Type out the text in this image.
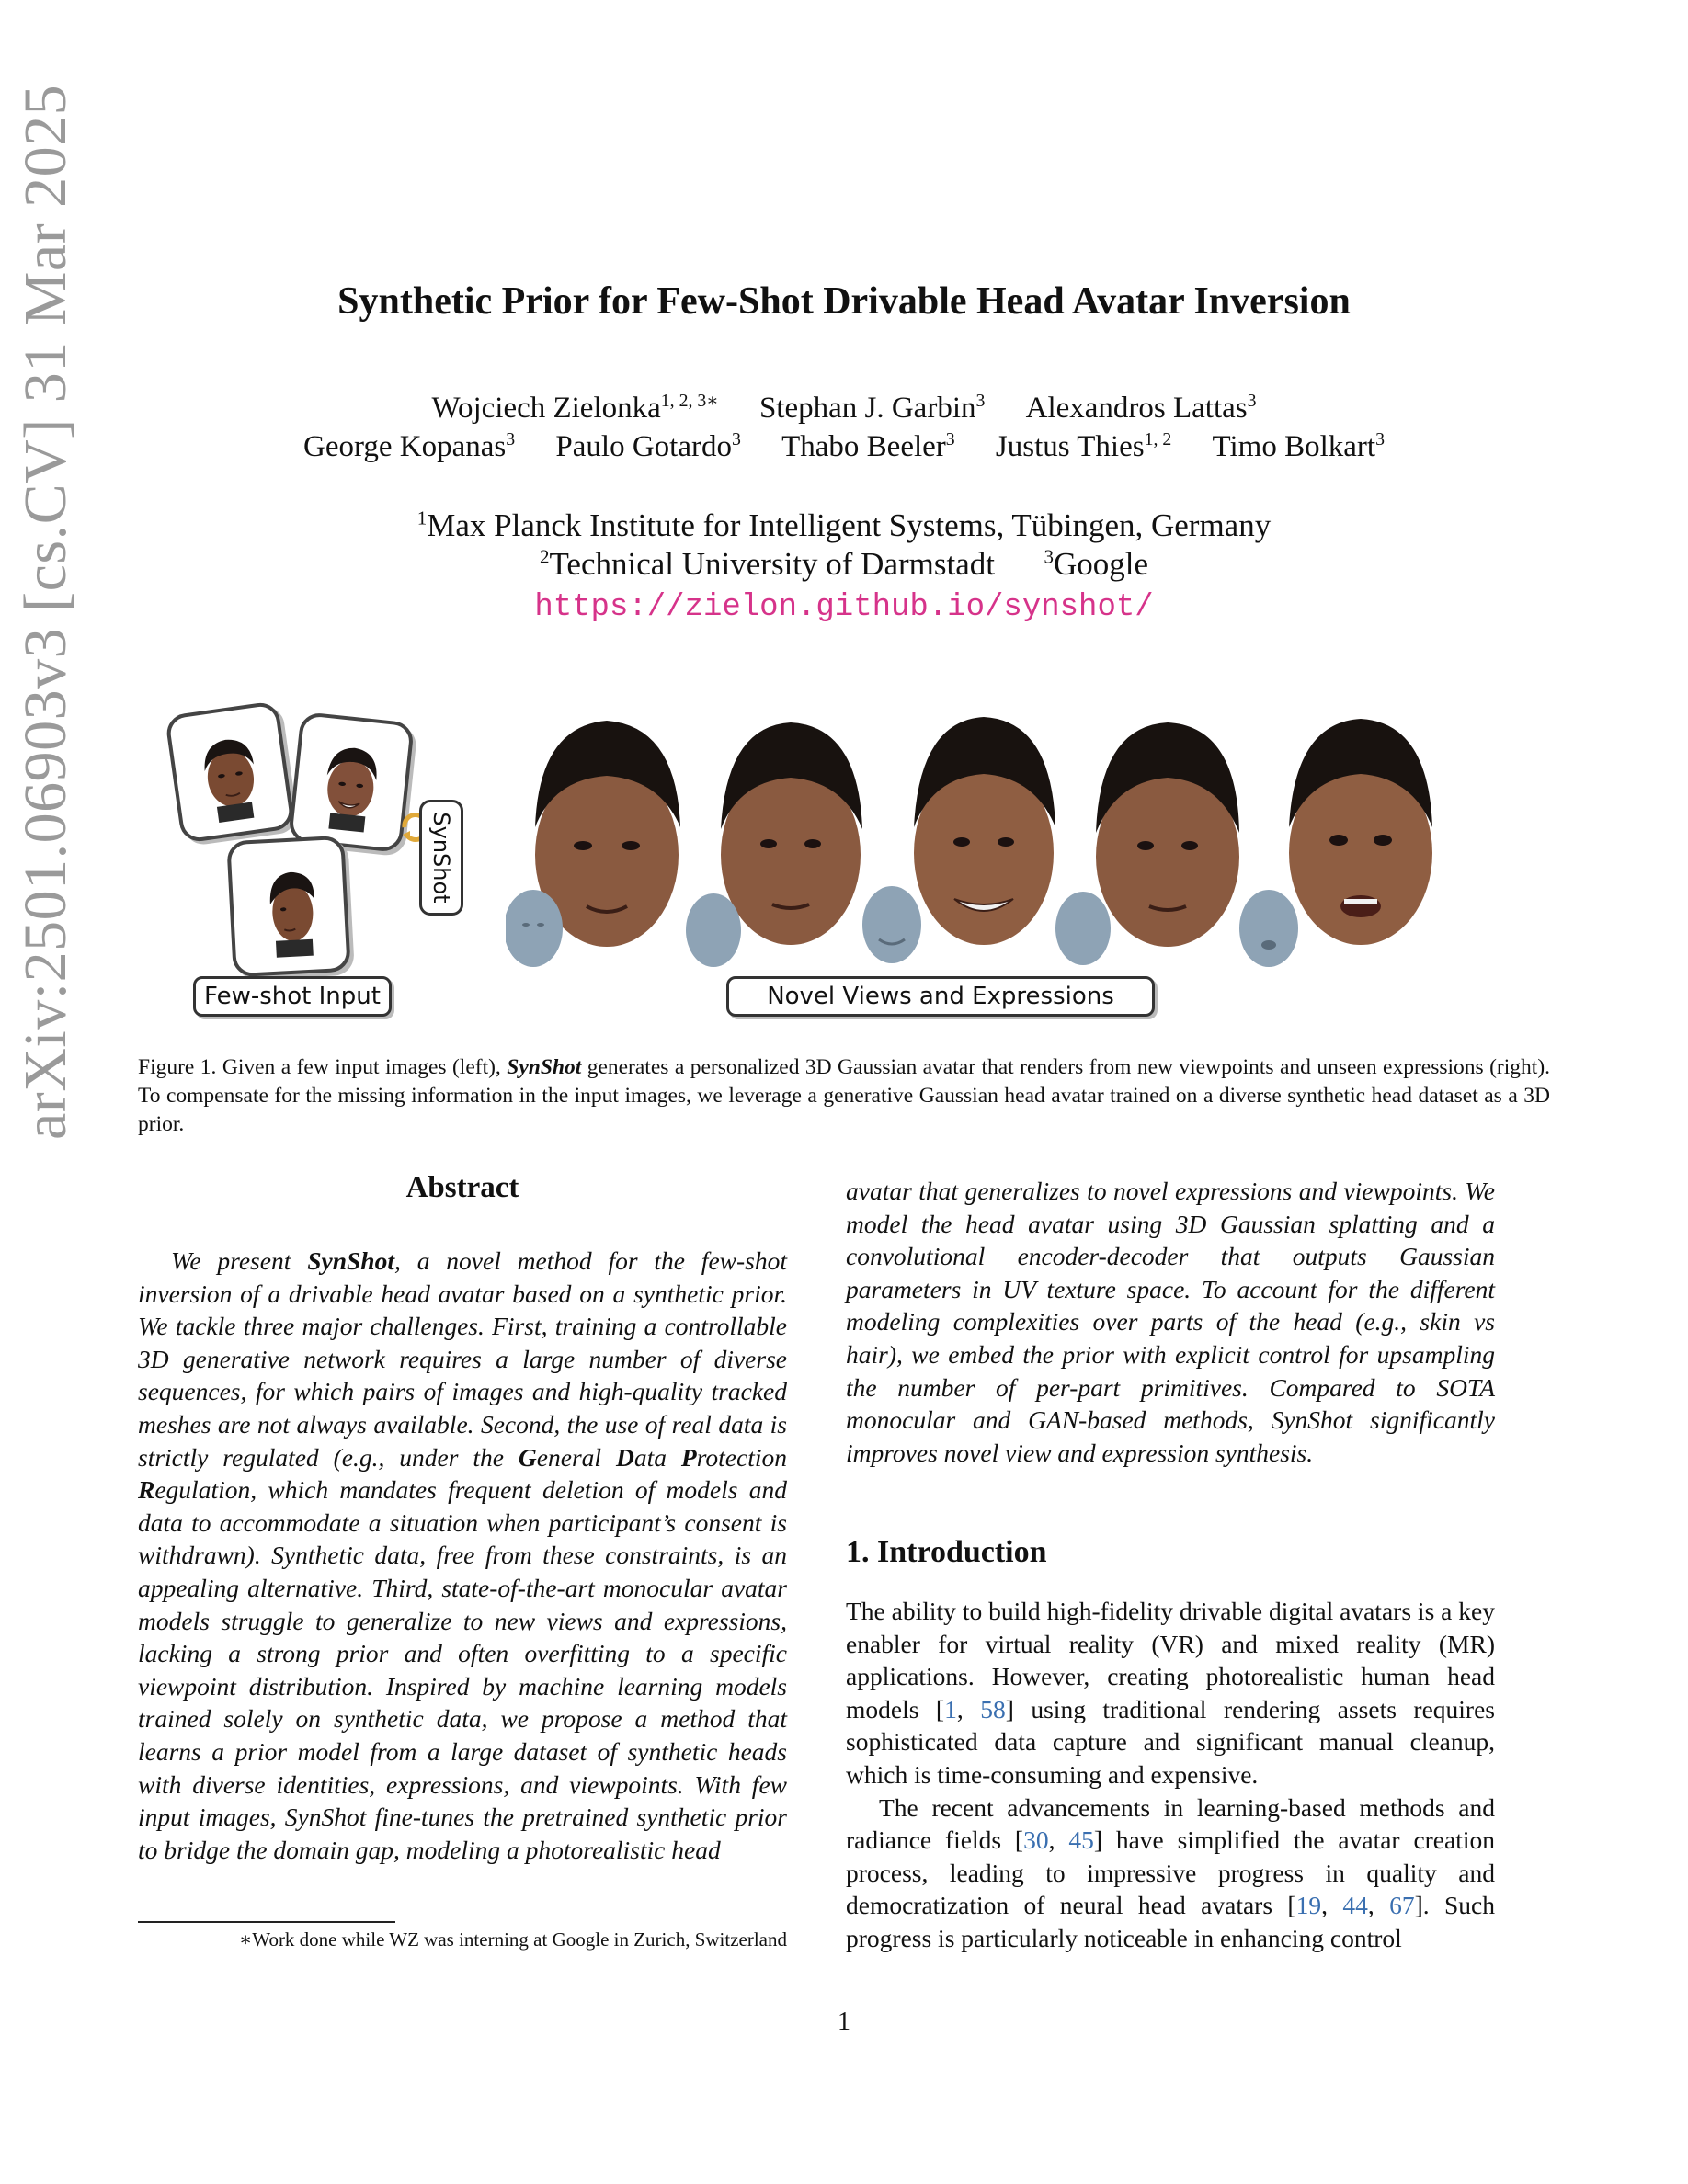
arXiv:2501.06903v3 [cs.CV] 31 Mar 2025	Synthetic Prior for Few-Shot Drivable Head Avatar Inversion
Wojciech Zielonka$^{1, 2, 3∗}$ Stephan J. Garbin$^3$ Alexandros Lattas$^3$
George Kopanas$^3$ Paulo Gotardo$^3$ Thabo Beeler$^3$ Justus Thies$^{1, 2}$ Timo Bolkart$^3$
$^1$Max Planck Institute for Intelligent Systems, Tübingen, Germany
$^2$Technical University of Darmstadt	$^3$Google
https://zielon.github.io/synshot/
SynShot
Few-shot Input	Novel Views and Expressions
Figure 1. Given a few input images (left), SynShot generates a personalized 3D Gaussian avatar that renders from new viewpoints and unseen expressions (right). To compensate for the missing information in the input images, we leverage a generative Gaussian head avatar trained on a diverse synthetic head dataset as a 3D prior.
Abstract

We present SynShot, a novel method for the few-shot inversion of a drivable head avatar based on a synthetic prior. We tackle three major challenges. First, training a controllable 3D generative network requires a large number of diverse sequences, for which pairs of images and high-quality tracked meshes are not always available. Second, the use of real data is strictly regulated (e.g., under the General Data Protection Regulation, which mandates frequent deletion of models and data to accommodate a situation when participant’s consent is withdrawn). Synthetic data, free from these constraints, is an appealing alternative. Third, state-of-the-art monocular avatar models struggle to generalize to new views and expressions, lacking a strong prior and often overfitting to a specific viewpoint distribution. Inspired by machine learning models trained solely on synthetic data, we propose a method that learns a prior model from a large dataset of synthetic heads with diverse identities, expressions, and viewpoints. With few input images, SynShot fine-tunes the pretrained synthetic prior to bridge the domain gap, modeling a photorealistic head

avatar that generalizes to novel expressions and viewpoints. We model the head avatar using 3D Gaussian splatting and a convolutional encoder-decoder that outputs Gaussian parameters in UV texture space. To account for the different modeling complexities over parts of the head (e.g., skin vs hair), we embed the prior with explicit control for upsampling the number of per-part primitives. Compared to SOTA monocular and GAN-based methods, SynShot significantly improves novel view and expression synthesis.

1. Introduction

The ability to build high-fidelity drivable digital avatars is a key enabler for virtual reality (VR) and mixed reality (MR) applications. However, creating photorealistic human head models [1, 58] using traditional rendering assets requires sophisticated data capture and significant manual cleanup, which is time-consuming and expensive.

The recent advancements in learning-based methods and radiance fields [30, 45] have simplified the avatar creation process, leading to impressive progress in quality and democratization of neural head avatars [19, 44, 67]. Such progress is particularly noticeable in enhancing control

∗Work done while WZ was interning at Google in Zurich, Switzerland
1
